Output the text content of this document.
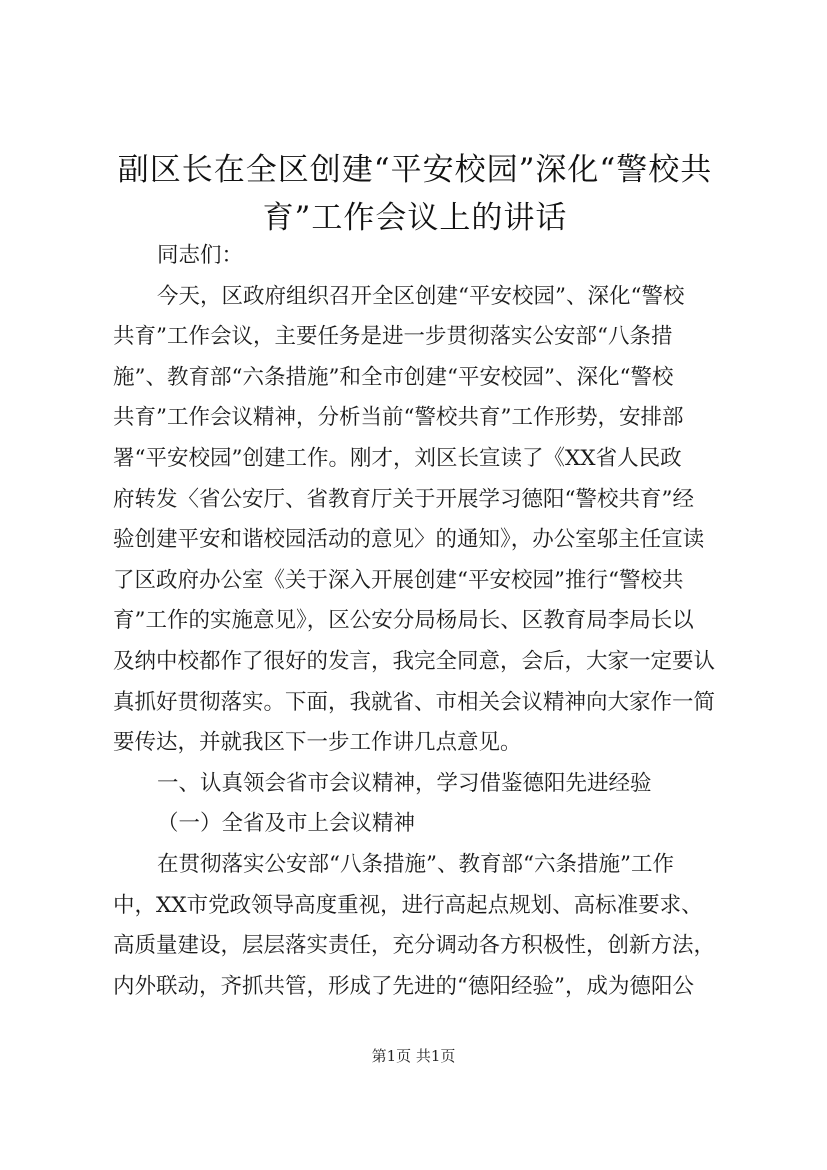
副区长在全区创建“平安校园”深化“警校共
育”工作会议上的讲话
同志们：
今天，区政府组织召开全区创建“平安校园”、深化“警校
共育”工作会议，主要任务是进一步贯彻落实公安部“八条措
施”、教育部“六条措施”和全市创建“平安校园”、深化“警校
共育”工作会议精神，分析当前“警校共育”工作形势，安排部
署“平安校园”创建工作。刚才，刘区长宣读了《XX省人民政
府转发〈省公安厅、省教育厅关于开展学习德阳“警校共育”经
验创建平安和谐校园活动的意见〉的通知》，办公室邬主任宣读
了区政府办公室《关于深入开展创建“平安校园”推行“警校共
育”工作的实施意见》，区公安分局杨局长、区教育局李局长以
及纳中校都作了很好的发言，我完全同意，会后，大家一定要认
真抓好贯彻落实。下面，我就省、市相关会议精神向大家作一简
要传达，并就我区下一步工作讲几点意见。
一、认真领会省市会议精神，学习借鉴德阳先进经验
（一）全省及市上会议精神
在贯彻落实公安部“八条措施”、教育部“六条措施”工作
中，XX市党政领导高度重视，进行高起点规划、高标准要求、
高质量建设，层层落实责任，充分调动各方积极性，创新方法，
内外联动，齐抓共管，形成了先进的“德阳经验”，成为德阳公
第1页 共1页
